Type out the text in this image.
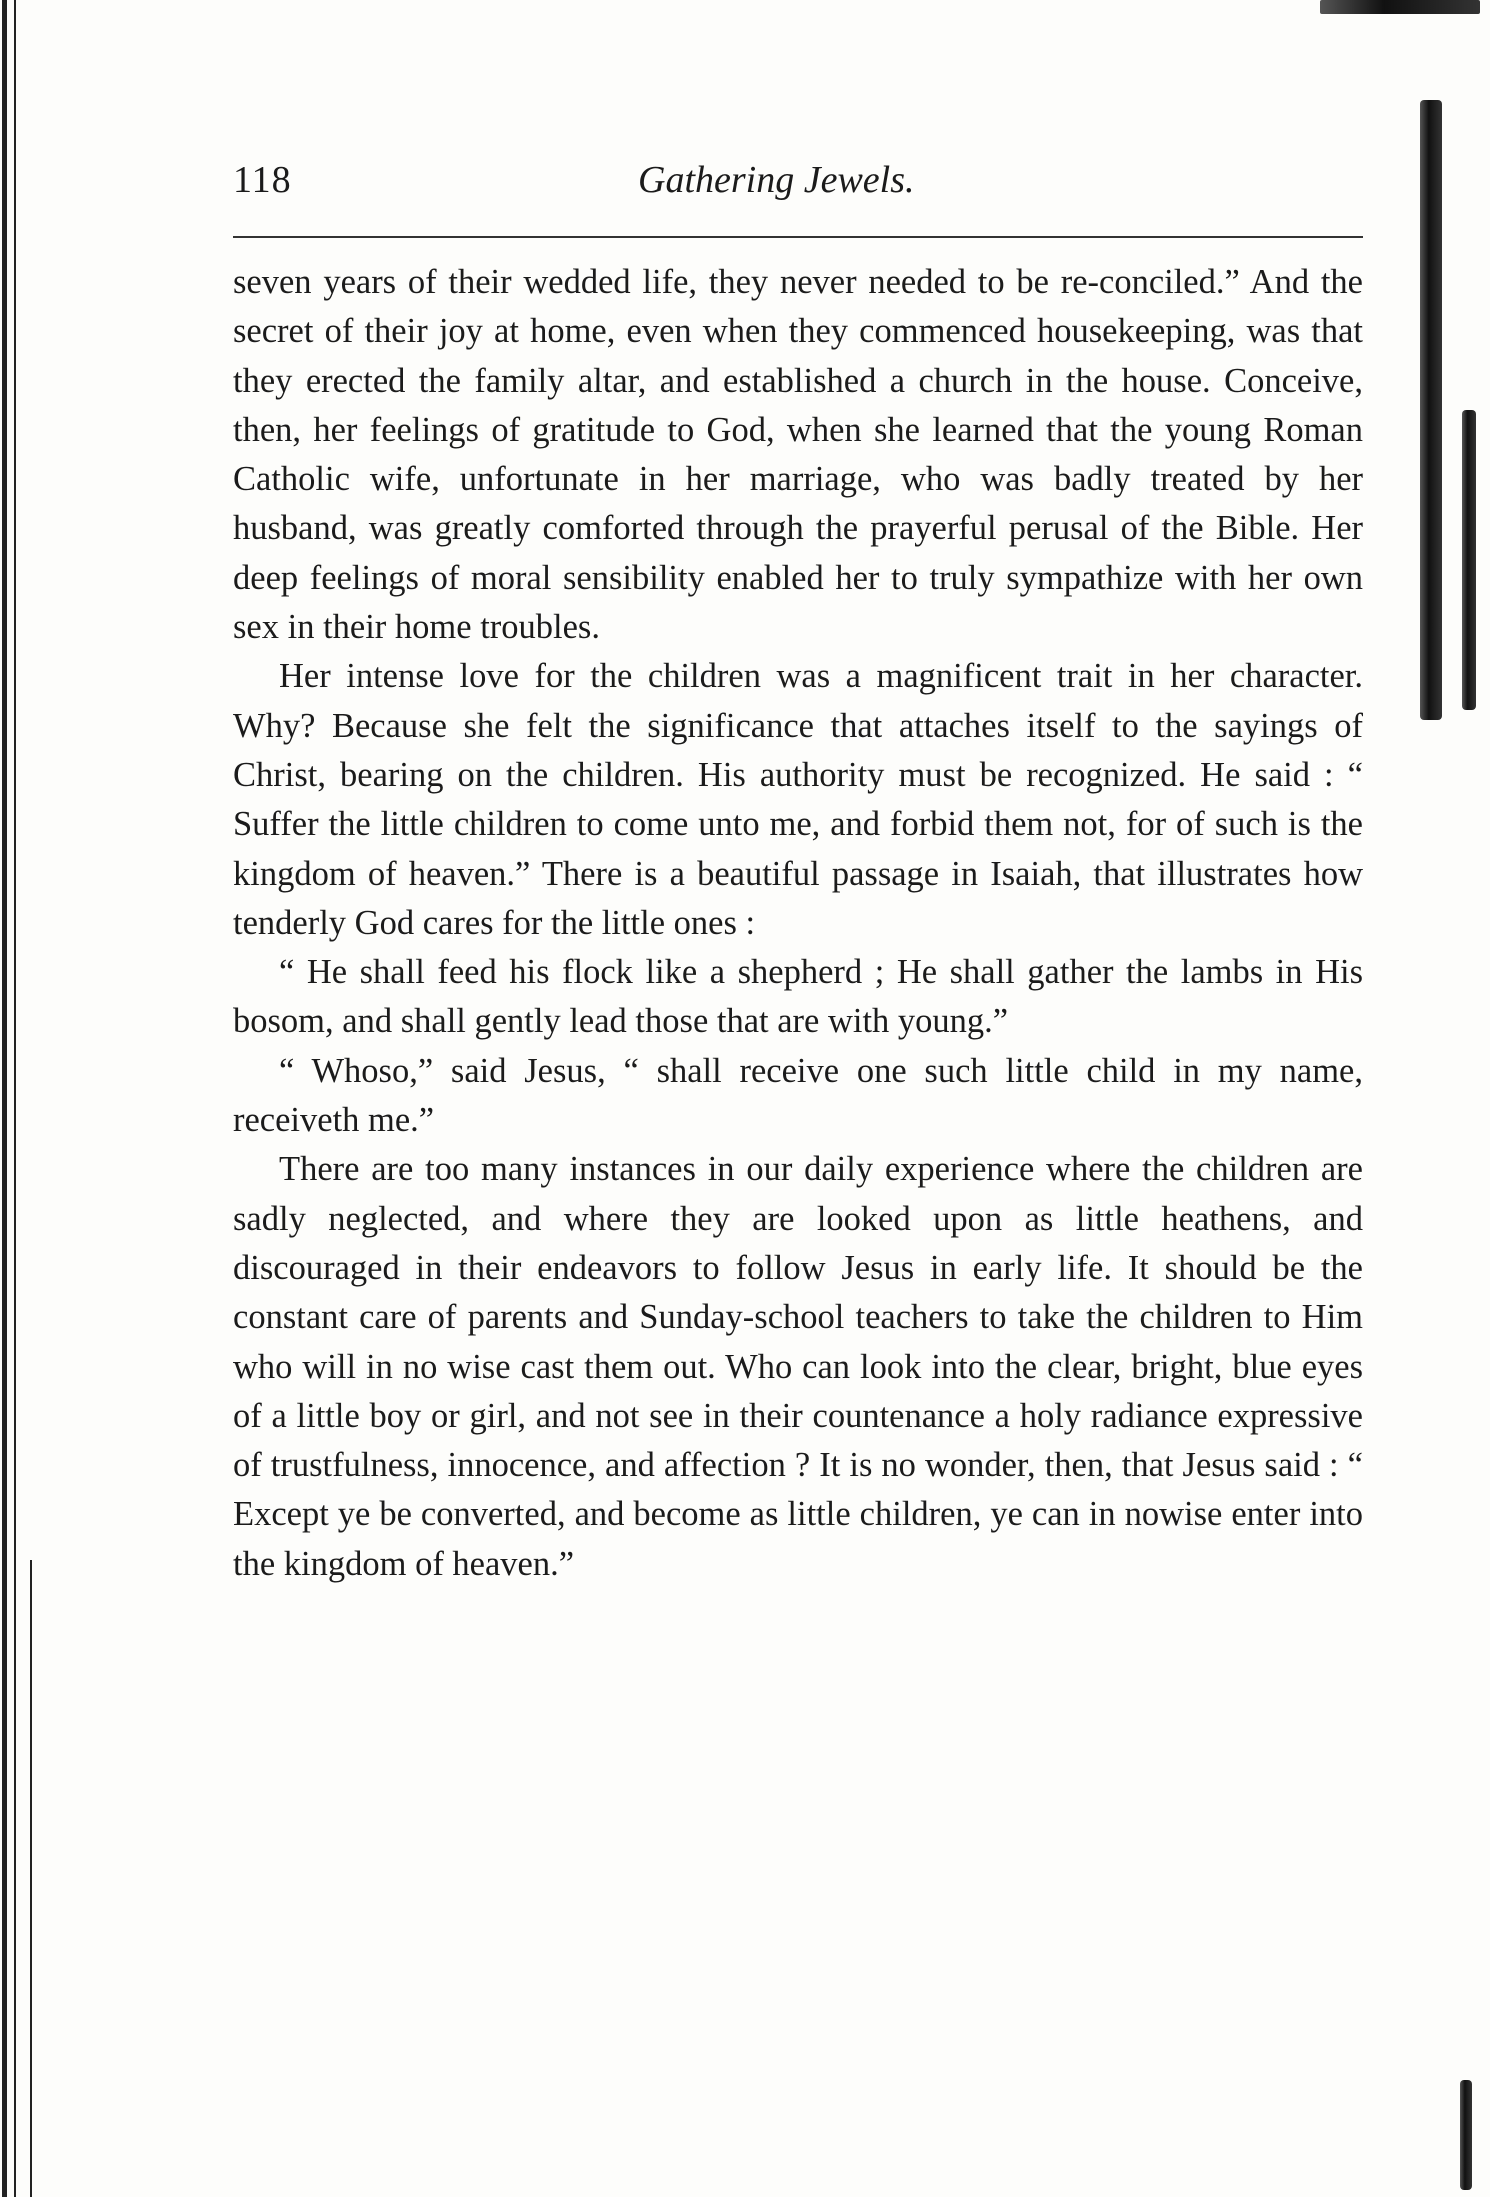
118	Gathering Jewels.

seven years of their wedded life, they never needed to be re-conciled.” And the secret of their joy at home, even when they commenced housekeeping, was that they erected the family altar, and established a church in the house. Conceive, then, her feelings of gratitude to God, when she learned that the young Roman Catholic wife, unfortunate in her marriage, who was badly treated by her husband, was greatly comforted through the prayerful perusal of the Bible. Her deep feelings of moral sensibility enabled her to truly sympathize with her own sex in their home troubles.

Her intense love for the children was a magnificent trait in her character. Why? Because she felt the significance that attaches itself to the sayings of Christ, bearing on the children. His authority must be recognized. He said : “ Suffer the little children to come unto me, and forbid them not, for of such is the kingdom of heaven.” There is a beautiful passage in Isaiah, that illustrates how tenderly God cares for the little ones :

“ He shall feed his flock like a shepherd ; He shall gather the lambs in His bosom, and shall gently lead those that are with young.”

“ Whoso,” said Jesus, “ shall receive one such little child in my name, receiveth me.”

There are too many instances in our daily experience where the children are sadly neglected, and where they are looked upon as little heathens, and discouraged in their endeavors to follow Jesus in early life. It should be the constant care of parents and Sunday-school teachers to take the children to Him who will in no wise cast them out. Who can look into the clear, bright, blue eyes of a little boy or girl, and not see in their countenance a holy radiance expressive of trustfulness, innocence, and affection ? It is no wonder, then, that Jesus said : “ Except ye be converted, and become as little children, ye can in nowise enter into the kingdom of heaven.”
